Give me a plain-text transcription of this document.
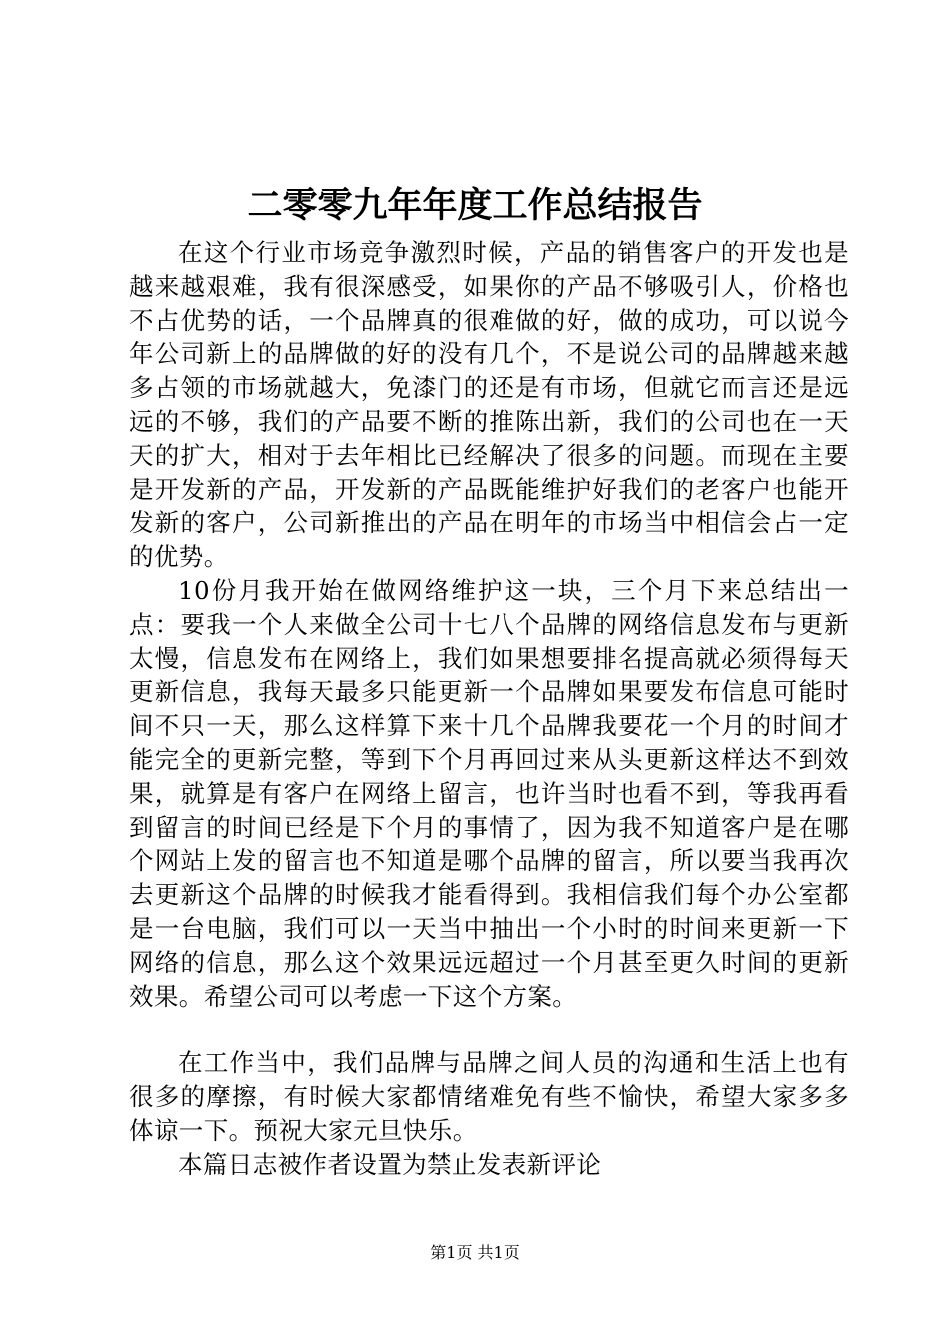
二零零九年年度工作总结报告

在这个行业市场竞争激烈时候，产品的销售客户的开发也是越来越艰难，我有很深感受，如果你的产品不够吸引人，价格也不占优势的话，一个品牌真的很难做的好，做的成功，可以说今年公司新上的品牌做的好的没有几个，不是说公司的品牌越来越多占领的市场就越大，免漆门的还是有市场，但就它而言还是远远的不够，我们的产品要不断的推陈出新，我们的公司也在一天天的扩大，相对于去年相比已经解决了很多的问题。而现在主要是开发新的产品，开发新的产品既能维护好我们的老客户也能开发新的客户，公司新推出的产品在明年的市场当中相信会占一定的优势。

10份月我开始在做网络维护这一块，三个月下来总结出一点：要我一个人来做全公司十七八个品牌的网络信息发布与更新太慢，信息发布在网络上，我们如果想要排名提高就必须得每天更新信息，我每天最多只能更新一个品牌如果要发布信息可能时间不只一天，那么这样算下来十几个品牌我要花一个月的时间才能完全的更新完整，等到下个月再回过来从头更新这样达不到效果，就算是有客户在网络上留言，也许当时也看不到，等我再看到留言的时间已经是下个月的事情了，因为我不知道客户是在哪个网站上发的留言也不知道是哪个品牌的留言，所以要当我再次去更新这个品牌的时候我才能看得到。我相信我们每个办公室都是一台电脑，我们可以一天当中抽出一个小时的时间来更新一下网络的信息，那么这个效果远远超过一个月甚至更久时间的更新效果。希望公司可以考虑一下这个方案。

在工作当中，我们品牌与品牌之间人员的沟通和生活上也有很多的摩擦，有时候大家都情绪难免有些不愉快，希望大家多多体谅一下。预祝大家元旦快乐。

本篇日志被作者设置为禁止发表新评论

第1页 共1页
